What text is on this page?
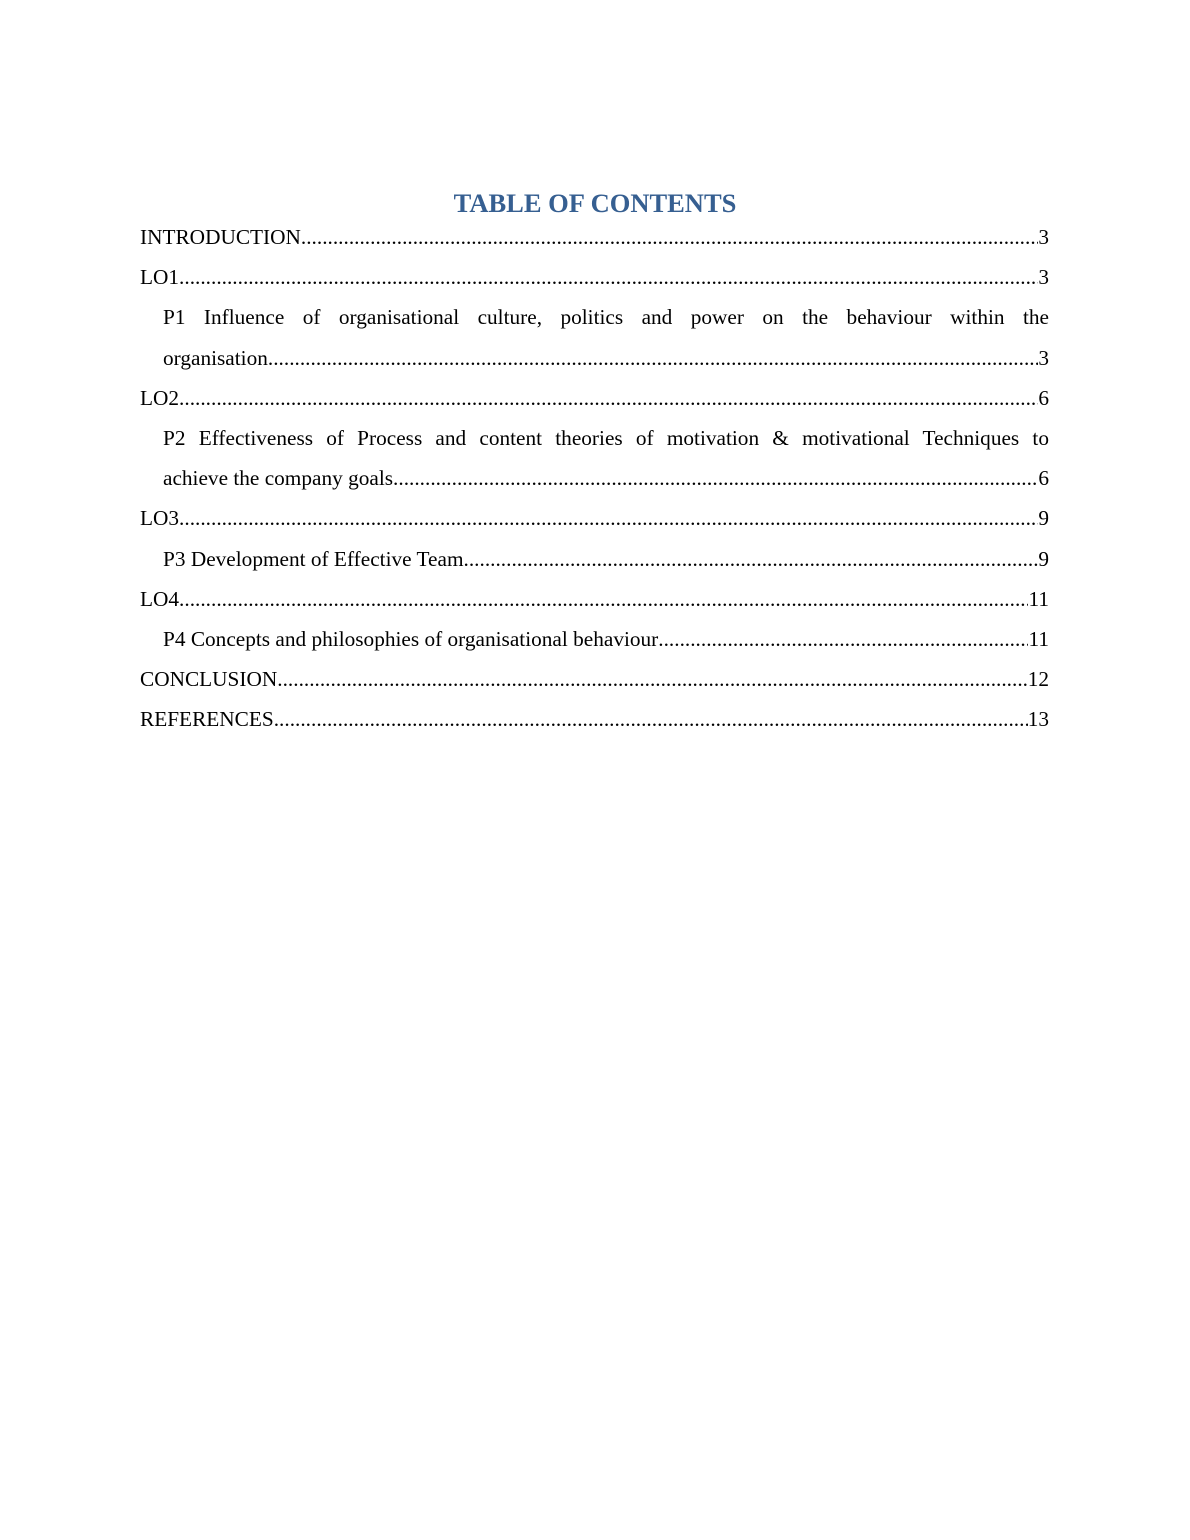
TABLE OF CONTENTS
INTRODUCTION .....	3
LO1 .....	3
P1 Influence of organisational culture, politics and power on the behaviour within the
organisation .....	3
LO2 .....	6
P2 Effectiveness of Process and content theories of motivation & motivational Techniques to
achieve the company goals .....	6
LO3 .....	9
P3 Development of Effective Team .....	9
LO4 .....	11
P4 Concepts and philosophies of organisational behaviour .....	11
CONCLUSION .....	12
REFERENCES .....	13
